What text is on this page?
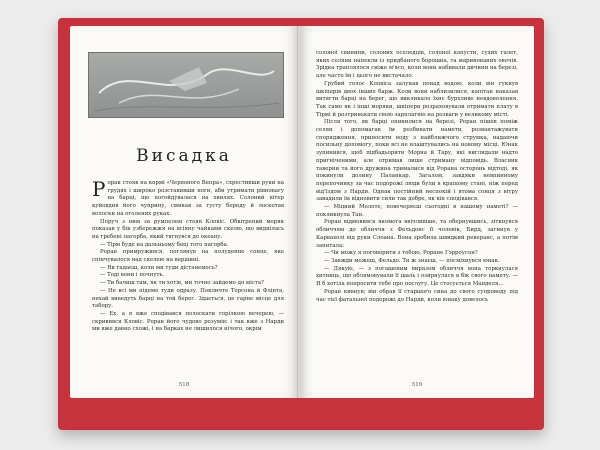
Висадка

Рорак стояв на кормі «Червоного Вепра», схрестивши руки на грудях і широко розставивши ноги, аби утримати рівновагу на барці, що погойдувалася на хвилях. Солоний вітер куйовдив його чуприну, смикав за густу бороду й лоскотав волоски на оголених руках.

Поруч з ним за румпелем стояв Кловіс. Обвітрений моряк показав у бік узбережжя на всіяну чайками скелю, що виднілась на гребені пагорба, який тягнувся до океану.

— Тірм буде на дальньому боці того пагорба.

Роран примружився, поглянув на полуденне сонце, яке спінчувалося над скелею на вершині.

— Як гадаєш, коли ми туди дістанемось?

— Тоді вони і почнуть.

— Ти бачиш там, як ти хотів, ми точно зайдемо до міста?

— Не всі ми підемо туди одразу. Покличте Торсона й Флінта, нехай виведуть барці на той берег. Здається, це гарне місце для табору.

— Ех, а я вже сподівався полоскати горілкою вечерею, — скривився Кловіс. Роран його чудово розумів: і так вже з Нарди ми вже давно схожі, і на барках не лишилося нічого, окрім

518

солоної свинини, солоних оселедців, солоної капусти, сухих галет, яких селяни напекли із придбаного борошна, та маринованих овочів. Зрідка траплялося свіже м'ясо, коли вони набивали дичини на березі, але часто їм і цього не вистачало.

Грубий голос Кловіса залунав понад водою, коли він гукнув шкіперів двох інших барж. Коли вони наблизилися, капітан наказав витягти барці на берег, що викликало їхнє бурхливе невдоволення. Так само як і інші моряки, шкіпери розраховували отримати плату в Тірмі й розтринькати свою зарплатню на розваги у великому місті.

Після того, як барці опинилися на березі, Роран пішов поміж селян і допомагав їм розбивати намети, розвантажувати спорядження, приносити воду з найближчого струмка, надаючи посильну допомогу, поки всі не влаштувались на новому місці. Юнак зупинився, щоб підбадьорити Морна й Тару, які виглядали надто пригніченими, але отримав лише стриману відповідь. Власник таверни та його дружина трималися від Рорана осторонь відтоді, як покинули долину Паланкар. Загалом, завдяки невпинному перепочинку за час подорожі люди були в кращому стані, ніж перед від'їздом з Нарди. Однак постійний неспокій і втома сонця з вітру завадили їм відновити сили так добре, як він сподівався.

— Міцний Молоте, повечеряєш сьогодні в нашому наметі? — покликнула Тан.

Роран відмовився якомога ввічливіше, та обернувшись, зіткнувся обличчям до обличчя з Фельдою: її чоловік, Бирд, загинув у Карвахолі від руки Слоана. Вона зробила швидкий реверанс, а потім запитала:

— Чи можу я поговорити з тобою, Роране Гэрроусон?

— Завжди можеш, Фельдо. Ти ж знаєш, — посміхнувся юнак.

— Дякую, — з погашеним виразом обличчя вона торкнулася хитниць, що облямовували її шаль і озирнулася в бік свого намету. — Я б хотіла попросити тебе про послугу. Це стосується Манделя…

Роран кивнув; він обрав її старшого сина до свого супроводу під час тієї фатальної подорожі до Нарди, коли юнаку довелось

519
